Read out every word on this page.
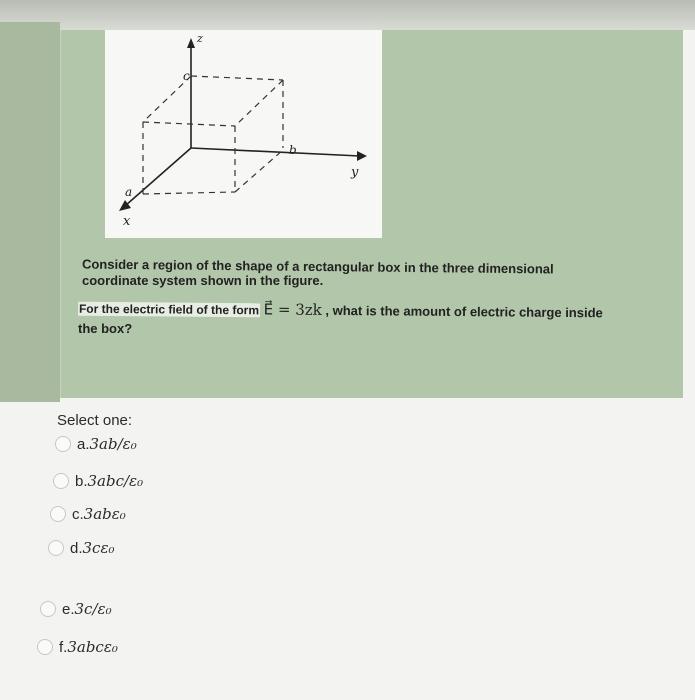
z
y
x
c
b
a
Consider a region of the shape of a rectangular box in the three dimensional
coordinate system shown in the figure.
For the electric field of the form E⃗ = 3zk , what is the amount of electric charge inside
the box?
Select one:
a.3ab/ε₀
b.3abc/ε₀
c.3abε₀
d.3cε₀
e.3c/ε₀
f.3abcε₀
